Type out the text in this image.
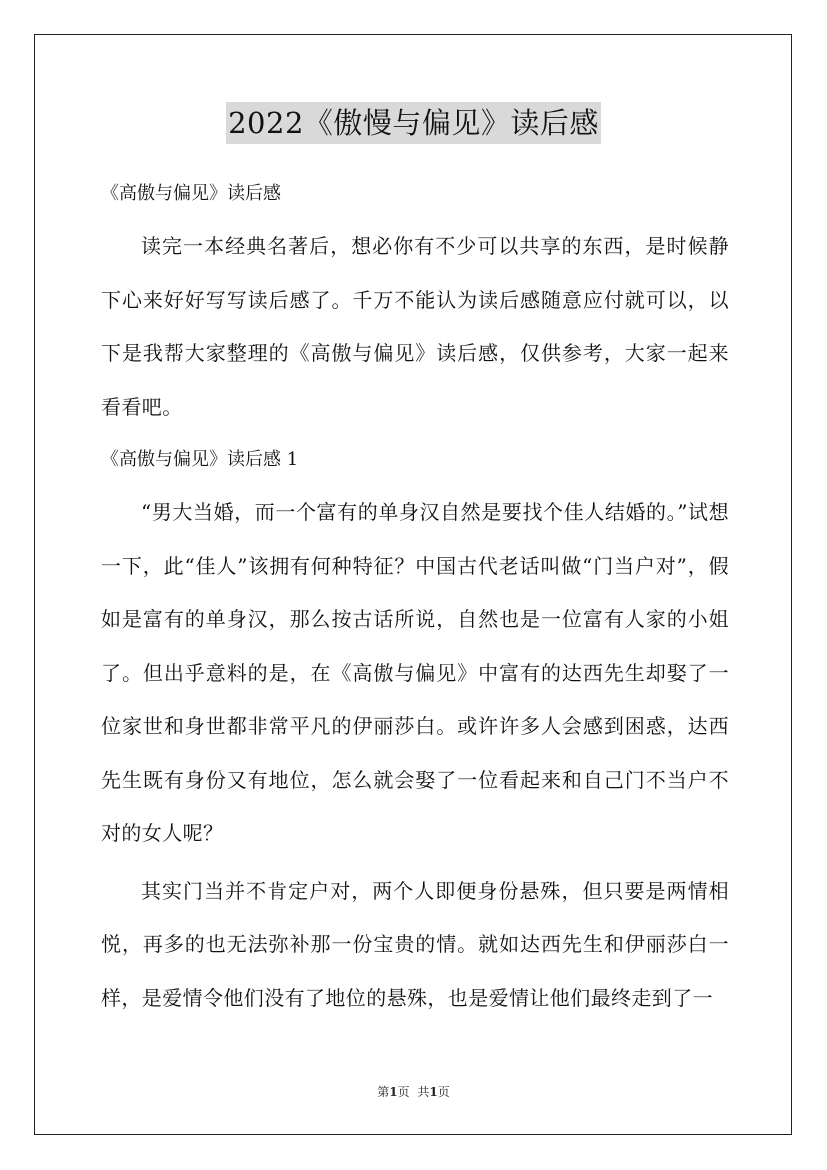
2022《傲慢与偏见》读后感

《高傲与偏见》读后感

读完一本经典名著后，想必你有不少可以共享的东西，是时候静下心来好好写写读后感了。千万不能认为读后感随意应付就可以，以下是我帮大家整理的《高傲与偏见》读后感，仅供参考，大家一起来看看吧。

《高傲与偏见》读后感 1

“男大当婚，而一个富有的单身汉自然是要找个佳人结婚的。”试想一下，此“佳人”该拥有何种特征？中国古代老话叫做“门当户对”，假如是富有的单身汉，那么按古话所说，自然也是一位富有人家的小姐了。但出乎意料的是，在《高傲与偏见》中富有的达西先生却娶了一位家世和身世都非常平凡的伊丽莎白。或许许多人会感到困惑，达西先生既有身份又有地位，怎么就会娶了一位看起来和自己门不当户不对的女人呢？

其实门当并不肯定户对，两个人即便身份悬殊，但只要是两情相悦，再多的也无法弥补那一份宝贵的情。就如达西先生和伊丽莎白一样，是爱情令他们没有了地位的悬殊，也是爱情让他们最终走到了一

第1页 共1页
